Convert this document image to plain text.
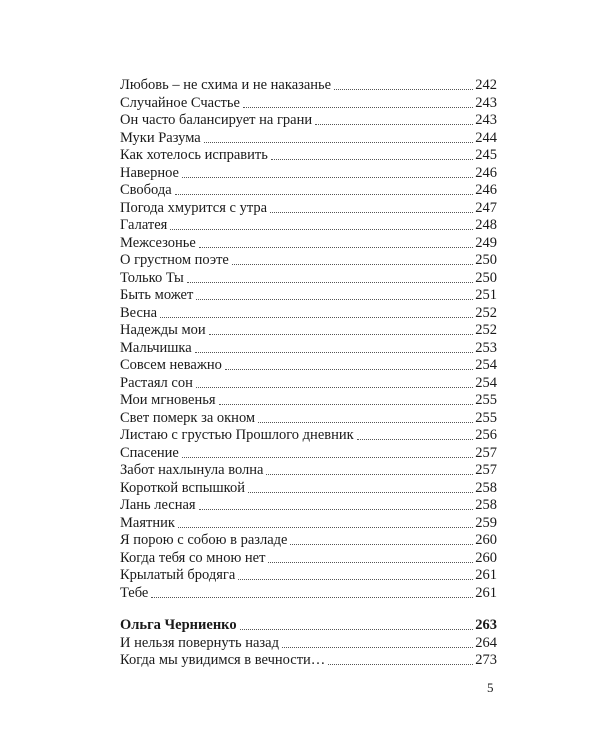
Любовь – не схима и не наказанье	242
Случайное Счастье	243
Он часто балансирует на грани	243
Муки Разума	244
Как хотелось исправить	245
Наверное	246
Свобода	246
Погода хмурится с утра	247
Галатея	248
Межсезонье	249
О грустном поэте	250
Только Ты	250
Быть может	251
Весна	252
Надежды мои	252
Мальчишка	253
Совсем неважно	254
Растаял сон	254
Мои мгновенья	255
Свет померк за окном	255
Листаю с грустью Прошлого дневник	256
Спасение	257
Забот нахлынула волна	257
Короткой вспышкой	258
Лань лесная	258
Маятник	259
Я порою с собою в разладе	260
Когда тебя со мною нет	260
Крылатый бродяга	261
Тебе	261
Ольга Черниенко	263
И нельзя повернуть назад	264
Когда мы увидимся в вечности…	273
5
